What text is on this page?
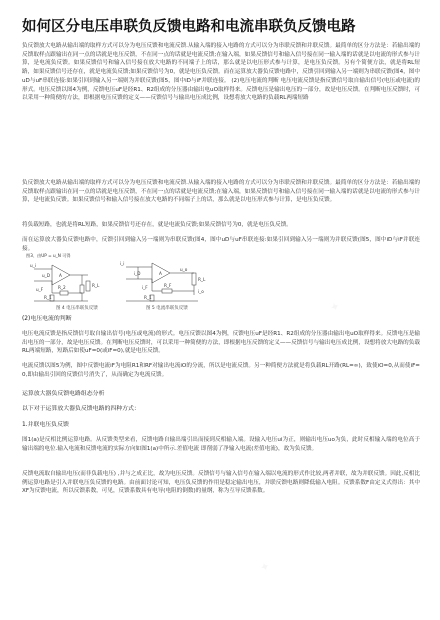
如何区分电压串联负反馈电路和电流串联负反馈电路
负反馈放大电路从输出端的取样方式可以分为电压反馈和电流反馈.从输入端的接入电路的方式可以分为串联反馈和并联反馈。最简单的区分方法是：若输出端的反馈取样点跟输出在同一点的话就是电压反馈，不在同一点的话就是电流反馈;在输入端，如果反馈信号和输入信号接在同一输入端的话就是以电流的形式参与计算，是电流负反馈。如果反馈信号和输入信号接在放大电路的不同端子上的话，那么就是以电压形式参与计算，是电压负反馈。另有个简便方法，就是将RL短路，如果反馈信号还存在，就是电流负反馈;如果反馈信号为0，就是电压负反馈。而在运算放大器负反馈电路中，反馈引回到输入另一端则为串联反馈(图4，图中uD与uF串联连接:如果引回到输入另一端则为并联反馈(图5，图中iD与iF并联连接。 (2)电压电流的判断 电压电流反馈是指反馈信号取自输出信号(电压或电流)的形式。电压反馈以图4为例，反馈电压uF是经R1、R2组成的分压器由输出电uO取样得来。反馈电压是输出电压的一部分，故是电压反馈。在判断电压反馈时，可以采用一种简便的方法，即根据电压反馈的定义——反馈信号与输出电压成比例，设想将放大电路的负载RL两端短路
负反馈放大电路从输出端的取样方式可以分为电压反馈和电流反馈.从输入端的接入电路的方式可以分为串联反馈和并联反馈。最简单的区分方法是：若输出端的反馈取样点跟输出在同一点的话就是电压反馈，不在同一点的话就是电流反馈;在输入端，如果反馈信号和输入信号接在同一输入端的话就是以电流的形式参与计算，是电流负反馈。如果反馈信号和输入信号接在放大电路的不同端子上的话，那么就是以电压形式参与计算，是电压负反馈。
将负载短路，也就是将RL短路，如果反馈信号还存在，就是电流负反馈;如果反馈信号为0，就是电压负反馈。
而在运算放大器负反馈电路中，反馈引回到输入另一端则为串联反馈(图4，图中uD与uF串联连接:如果引回到输入另一端则为并联反馈(图5，图中iD与iF并联连接。
图3、由UP = u_N 可得
u_i
u_D
u_F	R_2
R_1
R_L
A
i_i
i_D
i_F	R_F
R_1
R_L
u_o
i_o
A
图 4 电压串联负反馈	图 5 电流串联负反馈
(2)电压电流的判断
电压电流反馈是指反馈信号取自输出信号(电压或电流)的形式。电压反馈以图4为例，反馈电压uF是经R1、R2组成的分压器由输出电uO取样得来。反馈电压是输出电压的一部分，故是电压反馈。在判断电压反馈时，可以采用一种简便的方法，即根据电压反馈的定义——反馈信号与输出电压成比例，设想将放大电路的负载RL两端短路，短路后如使uF=0(或iF=0),就是电压反馈。
电流反馈以图5为例，图中反馈电流iF为电阻R1和RF对输出电流iO的分流，所以是电流反馈。另一种简便方法就是将负载RL开路(RL=∞)，致使iO=0,从而使iF=0,即由输出引回的反馈信号消失了，从而确定为电流反馈。
运算放大器负反馈电路组态分析
以下对于运算放大器负反馈电路的四种方式：
1.并联电压负反馈
图1(a)是反相比例运算电路。从反馈类型来看，反馈电路自输出端引出而接到反相输入端。设输入电压ui为正，则输出电压uo为负，此时反相输入端的电位高于输出端的电位.输入电流和反馈电流的实际方向如图1(a)中所示.差值电流 即削弱了净输入电流(差值电流)，故为负反馈。
反馈电流取自输出电压(而非负载电压) ,并与之成正比，故为电压反馈。反馈信号与输入信号在输入端以电流的形式作比较,两者并联，故为并联反馈。因此,反相比例运算电路是引入并联电压负反馈的电路。由前面讨论可知，电压负反馈的作用是稳定输出电压，并联反馈电路则降低输入电阻。反馈系数F由定义式得出：其中XF为反馈电流，所以反馈系数，可见，反馈系数具有电导(电阻的倒数)的量纲，称为互导反馈系数。
